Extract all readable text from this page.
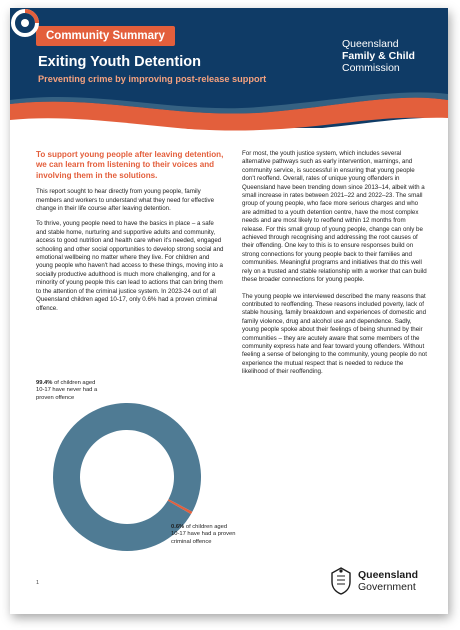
Community Summary
Exiting Youth Detention
Preventing crime by improving post-release support
Queensland
Family & Child
Commission
To support young people after leaving detention, we can learn from listening to their voices and involving them in the solutions.

This report sought to hear directly from young people, family members and workers to understand what they need for effective change in their life course after leaving detention.

To thrive, young people need to have the basics in place – a safe and stable home, nurturing and supportive adults and community, access to good nutrition and health care when it's needed, engaged schooling and other social opportunities to develop strong social and emotional wellbeing no matter where they live. For children and young people who haven't had access to these things, moving into a socially productive adulthood is much more challenging, and for a minority of young people this can lead to actions that can bring them to the attention of the criminal justice system. In 2023-24 out of all Queensland children aged 10-17, only 0.6% had a proven criminal offence.

For most, the youth justice system, which includes several alternative pathways such as early intervention, warnings, and community service, is successful in ensuring that young people don't reoffend. Overall, rates of unique young offenders in Queensland have been trending down since 2013–14, albeit with a small increase in rates between 2021–22 and 2022–23. The small group of young people, who face more serious charges and who are admitted to a youth detention centre, have the most complex needs and are most likely to reoffend within 12 months from release. For this small group of young people, change can only be achieved through recognising and addressing the root causes of their offending. One key to this is to ensure responses build on strong connections for young people back to their families and communities. Meaningful programs and initiatives that do this well rely on a trusted and stable relationship with a worker that can build these broader connections for young people.

The young people we interviewed described the many reasons that contributed to reoffending. These reasons included poverty, lack of stable housing, family breakdown and experiences of domestic and family violence, drug and alcohol use and dependence. Sadly, young people spoke about their feelings of being shunned by their communities – they are acutely aware that some members of the community express hate and fear toward young offenders. Without feeling a sense of belonging to the community, young people do not experience the mutual respect that is needed to reduce the likelihood of their reoffending.

99.4% of children aged 10-17 have never had a proven offence
0.6% of children aged 10-17 have had a proven criminal offence
1
Queensland
Government
